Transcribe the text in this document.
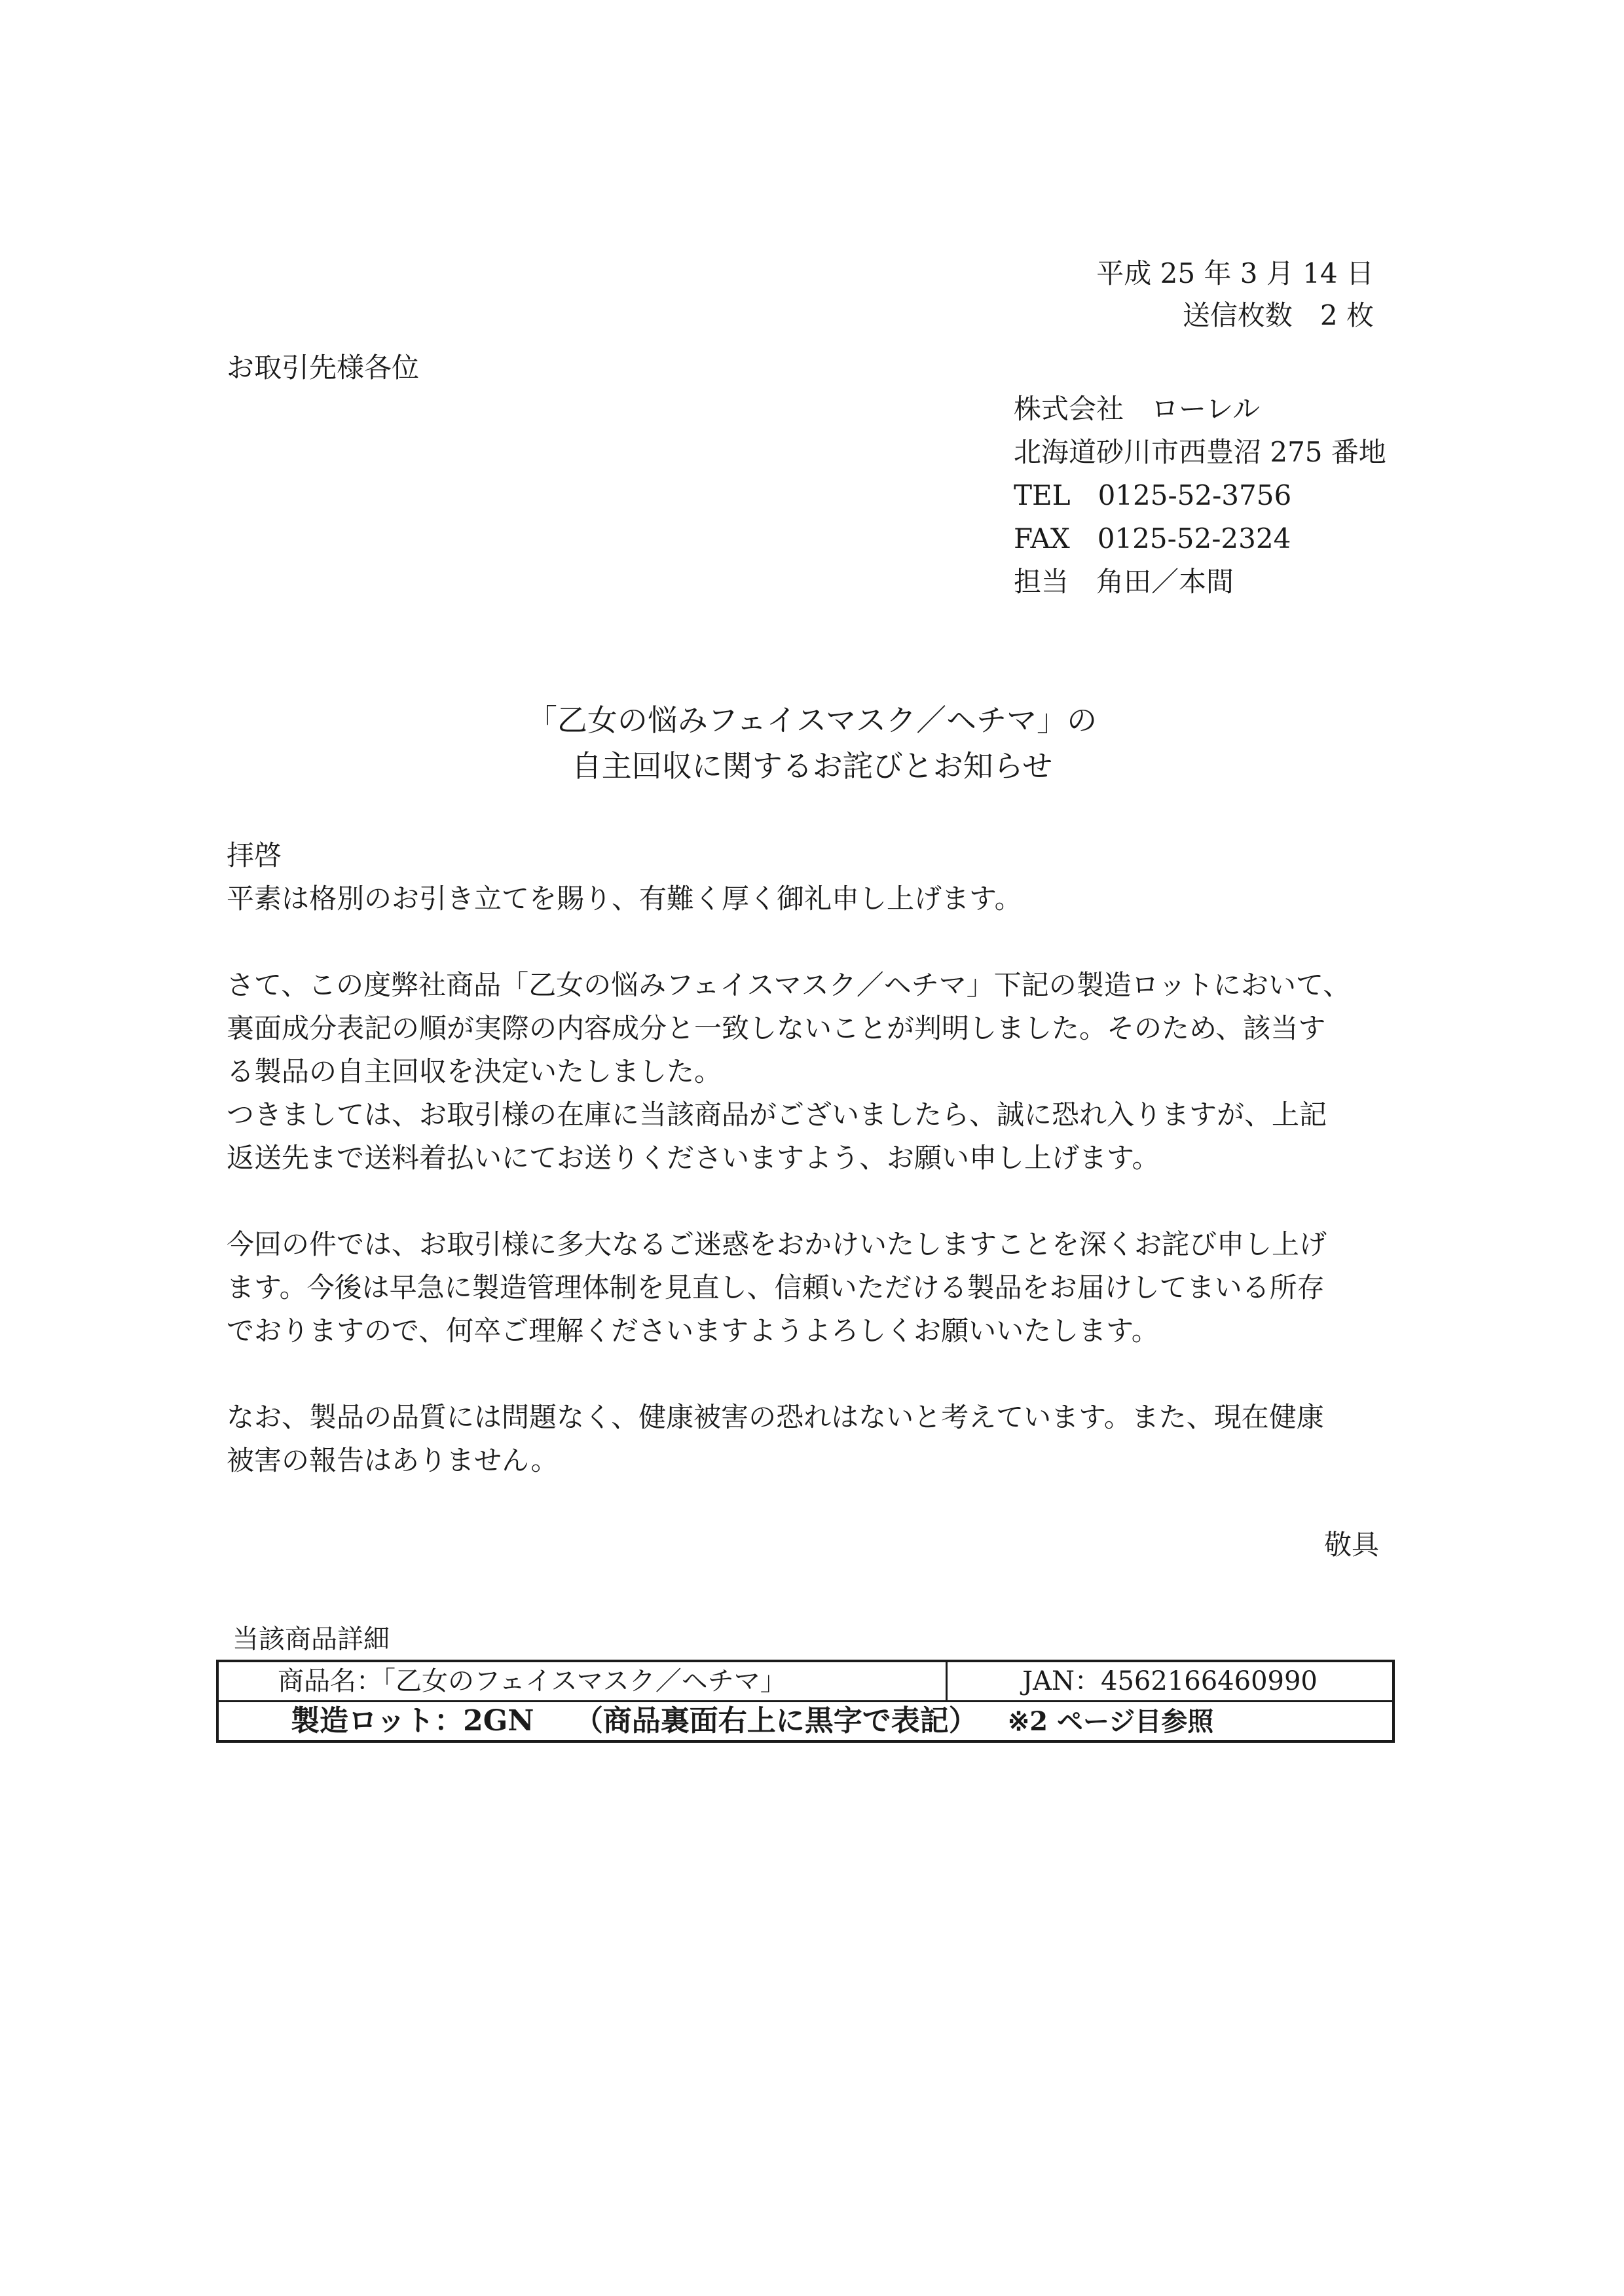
平成 25 年 3 月 14 日
送信枚数　2 枚
お取引先様各位
株式会社　ローレル
北海道砂川市西豊沼 275 番地
TEL　0125-52-3756
FAX　0125-52-2324
担当　角田／本間
「乙女の悩みフェイスマスク／ヘチマ」の
自主回収に関するお詫びとお知らせ

拝啓

平素は格別のお引き立てを賜り、有難く厚く御礼申し上げます。

さて、この度弊社商品「乙女の悩みフェイスマスク／ヘチマ」下記の製造ロットにおいて、

裏面成分表記の順が実際の内容成分と一致しないことが判明しました。そのため、該当す

る製品の自主回収を決定いたしました。

つきましては、お取引様の在庫に当該商品がございましたら、誠に恐れ入りますが、上記

返送先まで送料着払いにてお送りくださいますよう、お願い申し上げます。

今回の件では、お取引様に多大なるご迷惑をおかけいたしますことを深くお詫び申し上げ

ます。今後は早急に製造管理体制を見直し、信頼いただける製品をお届けしてまいる所存

でおりますので、何卒ご理解くださいますようよろしくお願いいたします。

なお、製品の品質には問題なく、健康被害の恐れはないと考えています。また、現在健康

被害の報告はありません。

敬具
当該商品詳細
商品名：「乙女のフェイスマスク／ヘチマ」	JAN：4562166460990
製造ロット：2GN （商品裏面右上に黒字で表記） ※2 ページ目参照
